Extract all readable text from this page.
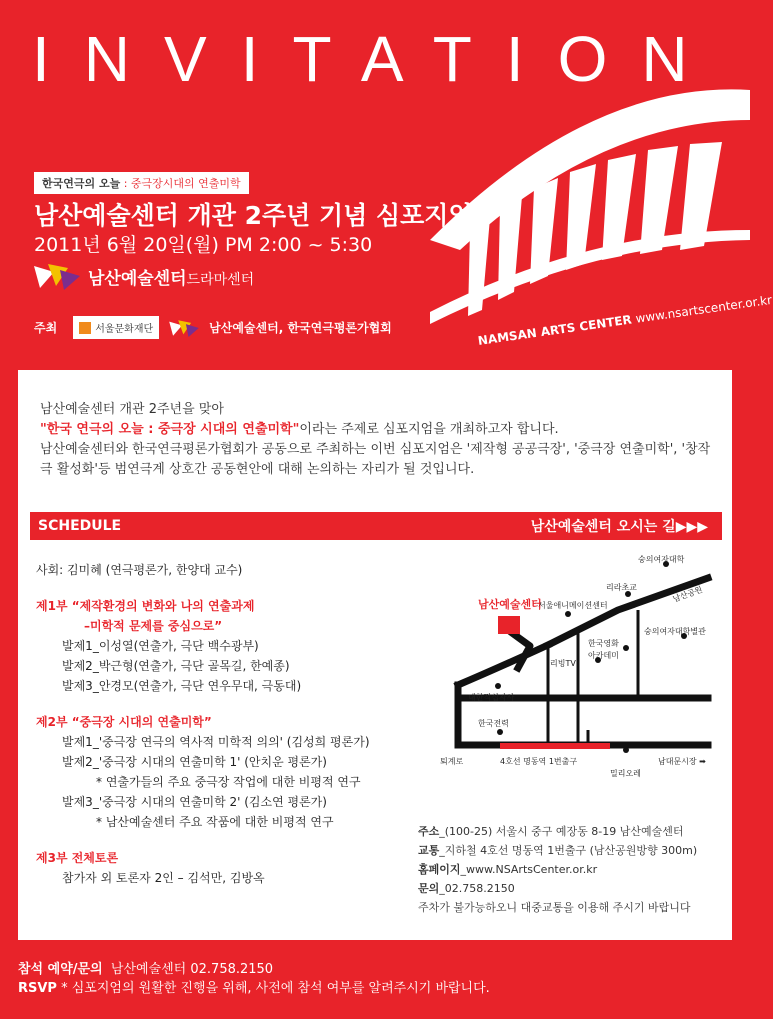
INVITATION
NAMSAN ARTS CENTER www.nsartscenter.or.kr
한국연극의 오늘 : 중극장시대의 연출미학
남산예술센터 개관 2주년 기념 심포지엄
2011년 6월 20일(월) PM 2:00 ~ 5:30
남산예술센터드라마센터
주최	서울문화재단	남산예술센터, 한국연극평론가협회
남산예술센터 개관 2주년을 맞아
"한국 연극의 오늘 : 중극장 시대의 연출미학"이라는 주제로 심포지엄을 개최하고자 합니다.
남산예술센터와 한국연극평론가협회가 공동으로 주최하는 이번 심포지엄은 '제작형 공공극장', '중극장 연출미학', '창작극 활성화'등 범연극계 상호간 공동현안에 대해 논의하는 자리가 될 것입니다.
SCHEDULE	남산예술센터 오시는 길▶▶▶
사회: 김미혜 (연극평론가, 한양대 교수)
제1부 “제작환경의 변화와 나의 연출과제
–미학적 문제를 중심으로”
발제1_이성열(연출가, 극단 백수광부)
발제2_박근형(연출가, 극단 골목길, 한예종)
발제3_안경모(연출가, 극단 연우무대, 극동대)
제2부 “중극장 시대의 연출미학”
발제1_'중극장 연극의 역사적 미학적 의의' (김성희 평론가)
발제2_'중극장 시대의 연출미학 1' (안치운 평론가)
* 연출가들의 주요 중극장 작업에 대한 비평적 연구
발제3_'중극장 시대의 연출미학 2' (김소연 평론가)
* 남산예술센터 주요 작품에 대한 비평적 연구
제3부 전체토론
참가자 외 토론자 2인 – 김석만, 김방옥
남산예술센터
숭의여자대학
리라초교
서울애니메이션센터
남산공원
숭의여자대학별관
한국영화
아카데미
리빙TV
대한적십자사
한국전력
퇴계로	4호선 명동역 1번출구	남대문시장 ➡
밀리오레
주소_(100-25) 서울시 중구 예장동 8-19 남산예술센터
교통_지하철 4호선 명동역 1번출구 (남산공원방향 300m)
홈페이지_www.NSArtsCenter.or.kr
문의_02.758.2150
주차가 불가능하오니 대중교통을 이용해 주시기 바랍니다
참석 예약/문의 남산예술센터 02.758.2150
RSVP * 심포지엄의 원활한 진행을 위해, 사전에 참석 여부를 알려주시기 바랍니다.
